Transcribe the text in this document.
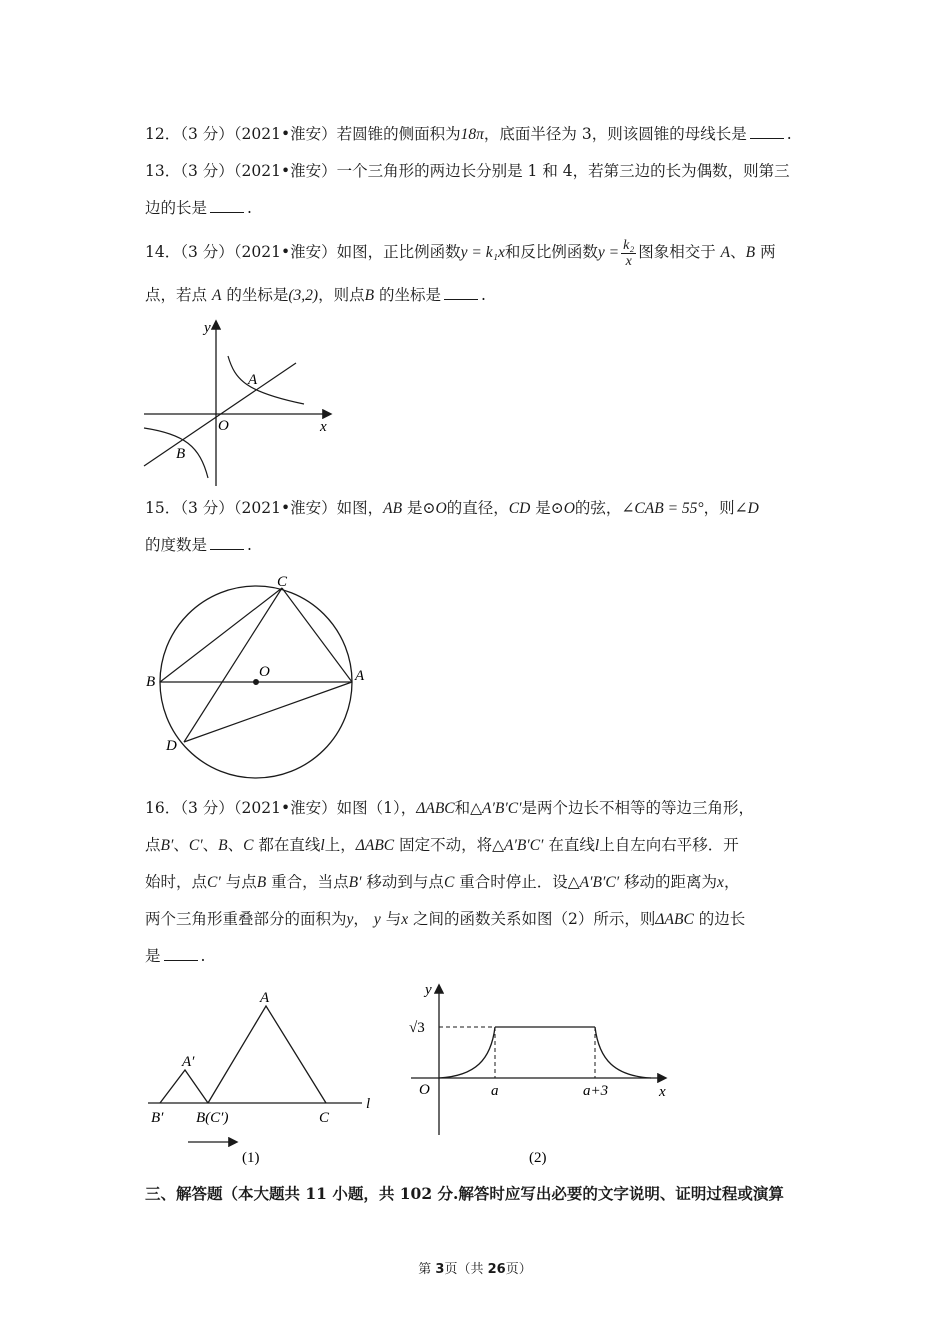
12．（3 分）（2021•淮安）若圆锥的侧面积为18π，底面半径为 3，则该圆锥的母线长是	.
13．（3 分）（2021•淮安）一个三角形的两边长分别是 1 和 4，若第三边的长为偶数，则第三
边的长是	.
14．（3 分）（2021•淮安）如图，正比例函数y = k₁x和反比例函数$y = \frac{\text{k₂}}{x}$ 图象相交于 A、B 两
点，若点 A 的坐标是(3,2)，则点B 的坐标是	.
y
x
O
A
B
15．（3 分）（2021•淮安）如图，AB 是⊙O的直径，CD 是⊙O的弦，∠CAB = 55°，则∠D
的度数是	.
C
B
O	A
D
16．（3 分）（2021•淮安）如图（1），ΔABC和△A′B′C′是两个边长不相等的等边三角形，
点B′、C′、B、C 都在直线l上，ΔABC 固定不动，将△A′B′C′ 在直线l上自左向右平移．开
始时，点C′ 与点B 重合，当点B′ 移动到与点C 重合时停止．设△A′B′C′ 移动的距离为x，
两个三角形重叠部分的面积为y， y 与x 之间的函数关系如图（2）所示，则ΔABC 的边长
是	.
A
A′
B′ B(C′)	C
l
(1)
y
√3
O	a	a+3	x
(2)
三、解答题（本大题共 11 小题，共 102 分.解答时应写出必要的文字说明、证明过程或演算
第 3页（共 26页）
